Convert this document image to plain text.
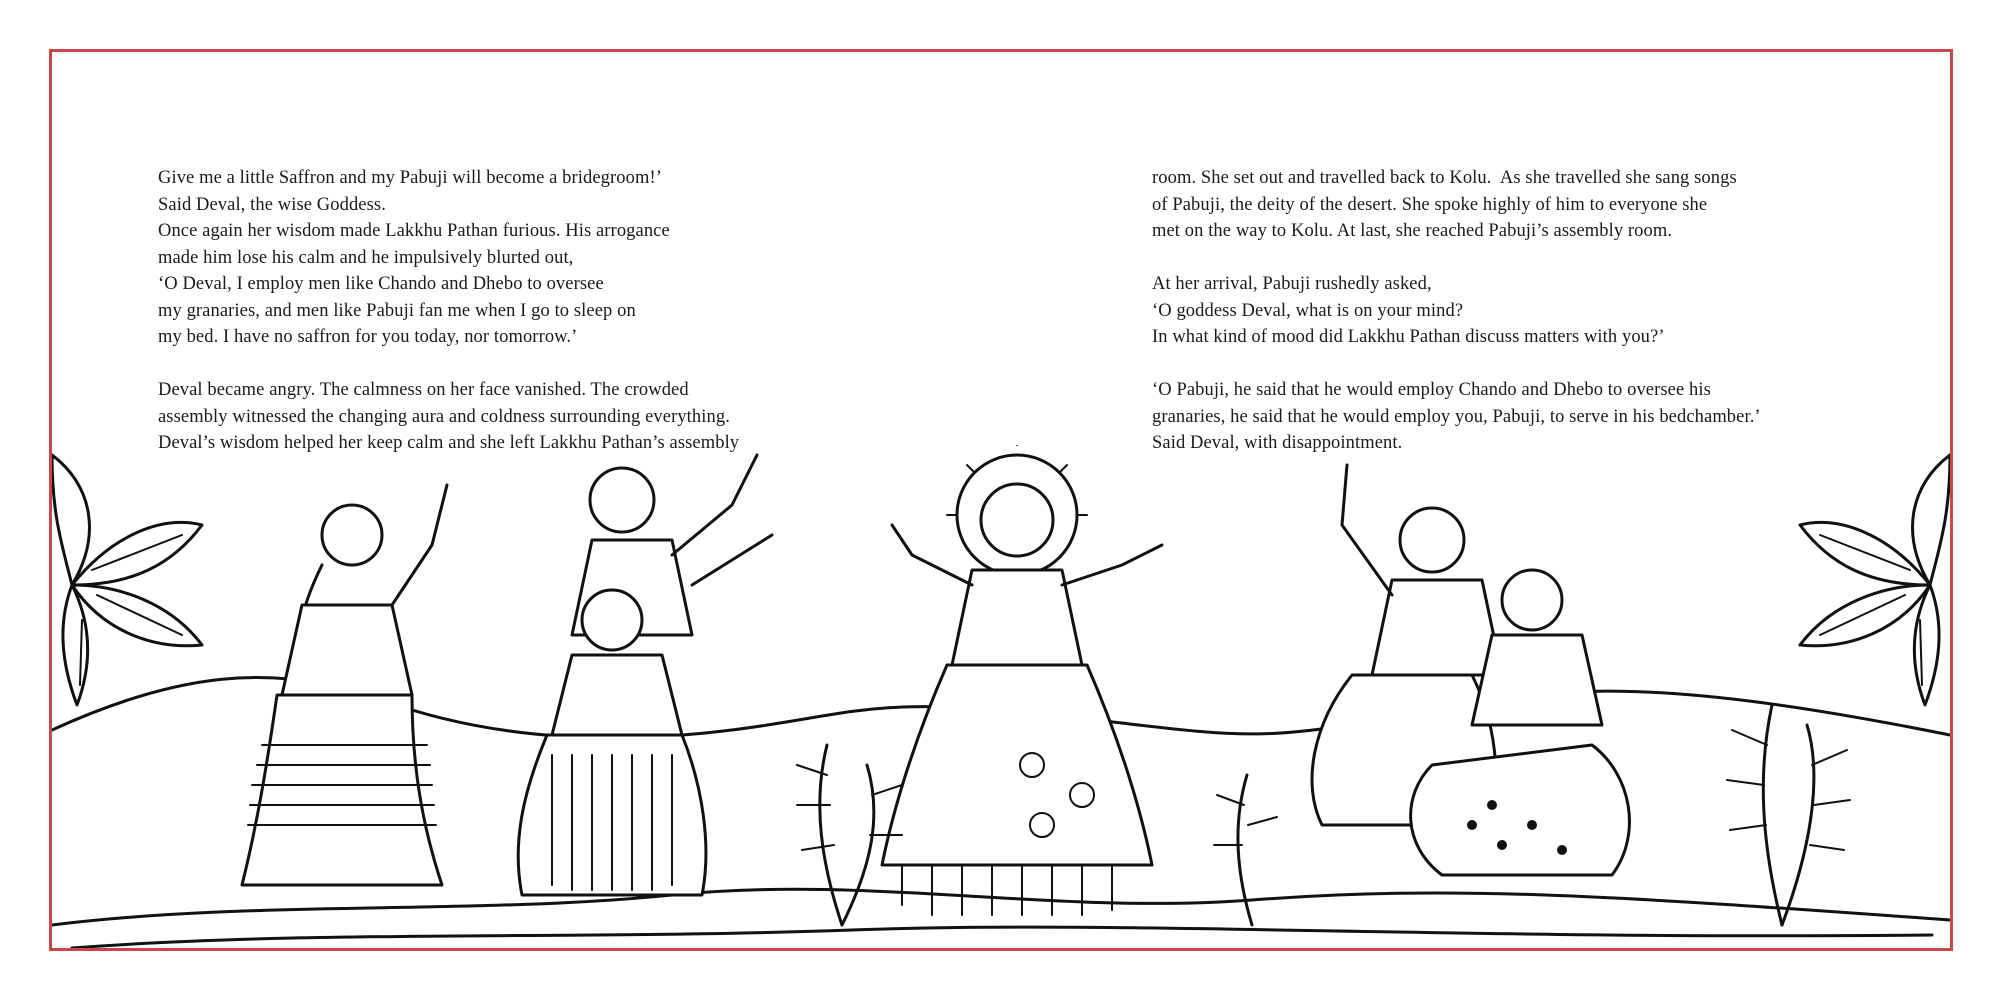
Give me a little Saffron and my Pabuji will become a bridegroom!’
Said Deval, the wise Goddess.
Once again her wisdom made Lakkhu Pathan furious. His arrogance
made him lose his calm and he impulsively blurted out,
‘O Deval, I employ men like Chando and Dhebo to oversee
my granaries, and men like Pabuji fan me when I go to sleep on
my bed. I have no saffron for you today, nor tomorrow.’
Deval became angry. The calmness on her face vanished. The crowded
assembly witnessed the changing aura and coldness surrounding everything.
Deval’s wisdom helped her keep calm and she left Lakkhu Pathan’s assembly
room. She set out and travelled back to Kolu.  As she travelled she sang songs
of Pabuji, the deity of the desert. She spoke highly of him to everyone she
met on the way to Kolu. At last, she reached Pabuji’s assembly room.
At her arrival, Pabuji rushedly asked,
‘O goddess Deval, what is on your mind?
In what kind of mood did Lakkhu Pathan discuss matters with you?’
‘O Pabuji, he said that he would employ Chando and Dhebo to oversee his
granaries, he said that he would employ you, Pabuji, to serve in his bedchamber.’
Said Deval, with disappointment.
